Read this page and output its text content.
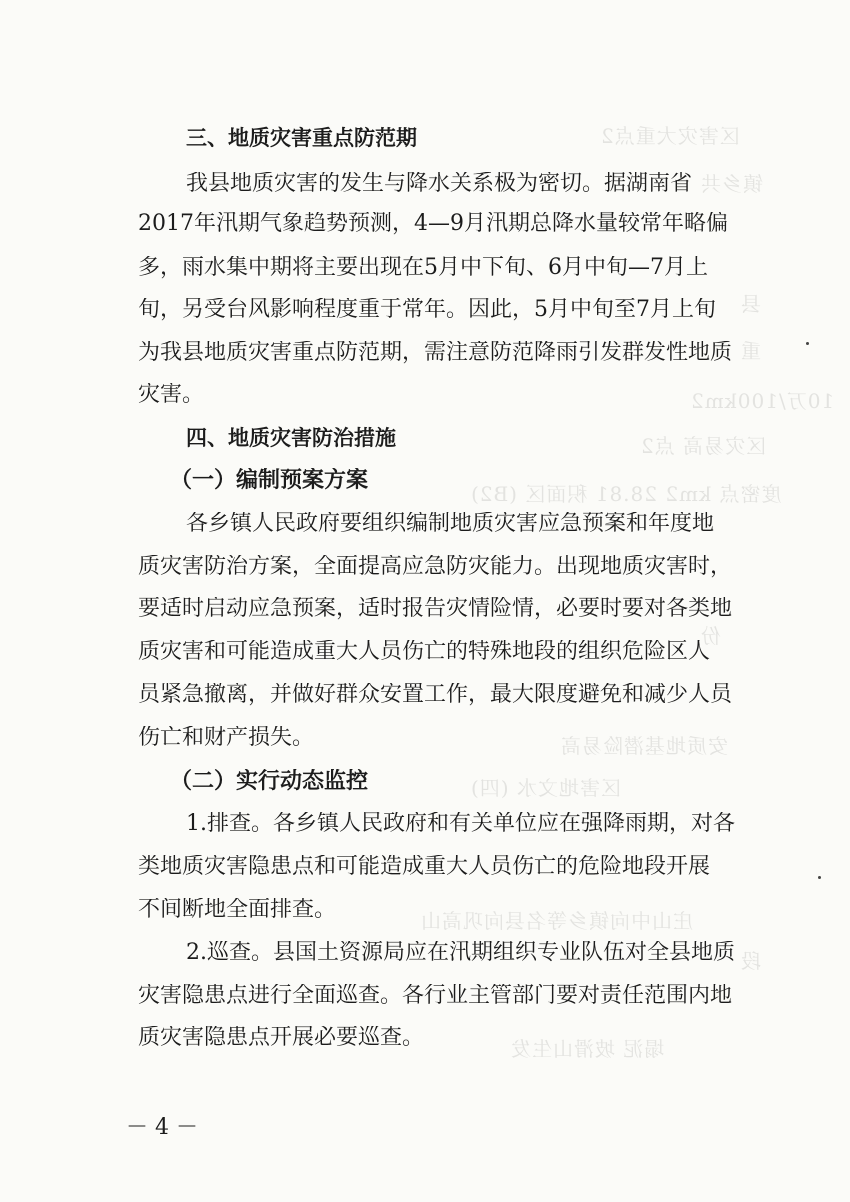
区害灾大重点2
镇乡共
县
重
10万/100km2
区灾易高 点2
度密点 km2 28.81 积面区 (B2)
份
安质地基潜险易高
区害地文水 (四)
庄山中向镇乡等名县向巩高山
段
塌泥 坡滑山生发
三、地质灾害重点防范期
我县地质灾害的发生与降水关系极为密切。据湖南省
2017年汛期气象趋势预测，4—9月汛期总降水量较常年略偏
多，雨水集中期将主要出现在5月中下旬、6月中旬—7月上
旬，另受台风影响程度重于常年。因此，5月中旬至7月上旬
为我县地质灾害重点防范期，需注意防范降雨引发群发性地质
灾害。
四、地质灾害防治措施
（一）编制预案方案
各乡镇人民政府要组织编制地质灾害应急预案和年度地
质灾害防治方案，全面提高应急防灾能力。出现地质灾害时，
要适时启动应急预案，适时报告灾情险情，必要时要对各类地
质灾害和可能造成重大人员伤亡的特殊地段的组织危险区人
员紧急撤离，并做好群众安置工作，最大限度避免和减少人员
伤亡和财产损失。
（二）实行动态监控
1.排查。各乡镇人民政府和有关单位应在强降雨期，对各
类地质灾害隐患点和可能造成重大人员伤亡的危险地段开展
不间断地全面排查。
2.巡查。县国土资源局应在汛期组织专业队伍对全县地质
灾害隐患点进行全面巡查。各行业主管部门要对责任范围内地
质灾害隐患点开展必要巡查。
－ 4 －
